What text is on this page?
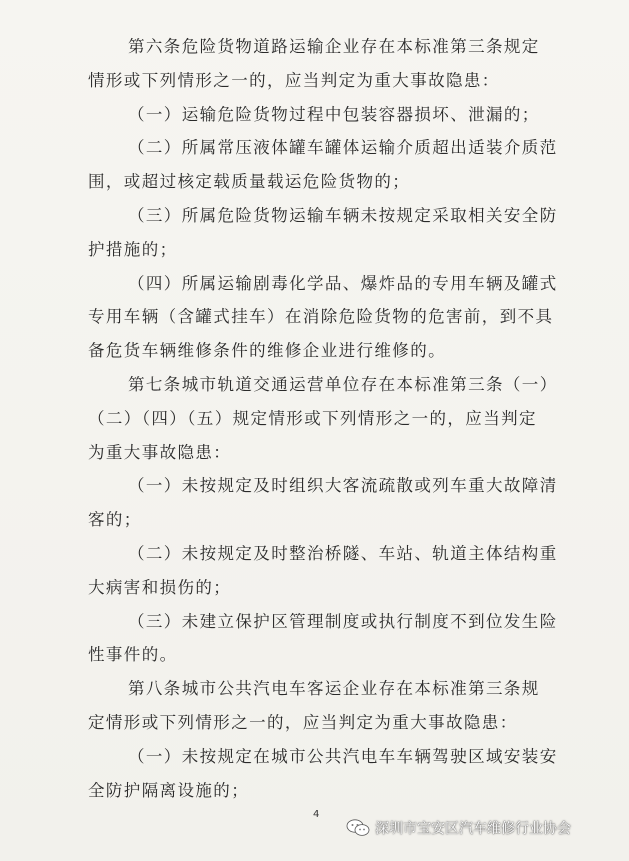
第六条危险货物道路运输企业存在本标准第三条规定
情形或下列情形之一的，应当判定为重大事故隐患：
（一）运输危险货物过程中包装容器损坏、泄漏的；
（二）所属常压液体罐车罐体运输介质超出适装介质范
围，或超过核定载质量载运危险货物的；
（三）所属危险货物运输车辆未按规定采取相关安全防
护措施的；
（四）所属运输剧毒化学品、爆炸品的专用车辆及罐式
专用车辆（含罐式挂车）在消除危险货物的危害前，到不具
备危货车辆维修条件的维修企业进行维修的。
第七条城市轨道交通运营单位存在本标准第三条（一）
（二）（四）（五）规定情形或下列情形之一的，应当判定
为重大事故隐患：
（一）未按规定及时组织大客流疏散或列车重大故障清
客的；
（二）未按规定及时整治桥隧、车站、轨道主体结构重
大病害和损伤的；
（三）未建立保护区管理制度或执行制度不到位发生险
性事件的。
第八条城市公共汽电车客运企业存在本标准第三条规
定情形或下列情形之一的，应当判定为重大事故隐患：
（一）未按规定在城市公共汽电车车辆驾驶区域安装安
全防护隔离设施的；
4
深圳市宝安区汽车维修行业协会
